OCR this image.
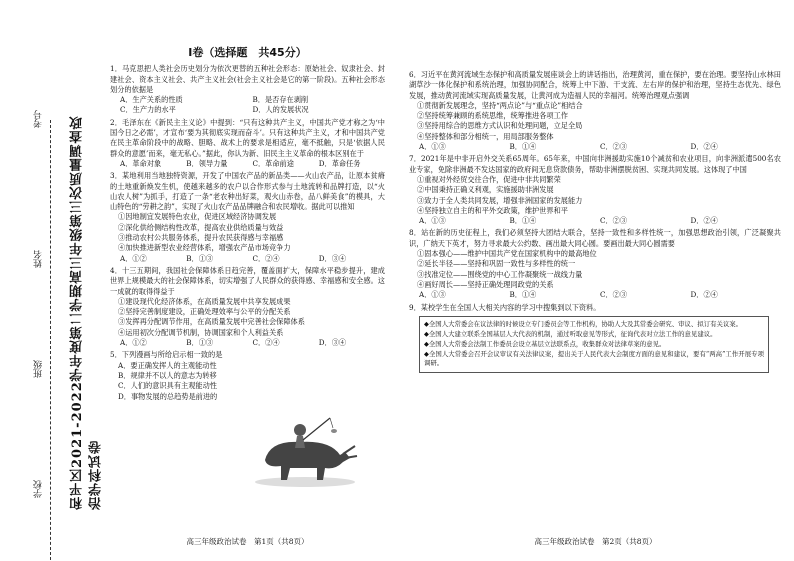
和平区2021-2022学年度第二学期高三年级第三次质量调查政治学科试卷
学校
班级
姓名
考号
Ⅰ卷（选择题　共45分）
1．马克思把人类社会历史划分为依次更替的五种社会形态：原始社会、奴隶社会、封建社会、资本主义社会、共产主义社会(社会主义社会是它的第一阶段)。五种社会形态划分的依据是
A．生产关系的性质	B．是否存在剥削
C．生产力的水平	D．人的发展状况
2．毛泽东在《新民主主义论》中提到：“只有这种共产主义，中国共产党才称之为‘中国今日之必需’，才宣布‘要为其彻底实现而奋斗’。只有这种共产主义，才和中国共产党在民主革命阶段中的战略、胆略、战术上的要求是相适应，毫不抵触，只是‘依据人民群众的意愿’而来，毫无私心。”据此，你认为新、旧民主主义革命的根本区别在于
A．革命对象	B．领导力量	C．革命前途	D．革命任务
3．某地利用当地独特资源，开发了中国农产品的新品类——火山农产品，让原本贫瘠的土地重新焕发生机，使越来越多的农户以合作形式参与土地流转和品牌打造，以“火山农人树”为抓手，打造了一条“老农种出好菜，观火山赤卷，品八鲜美食”的模具，大山特色的“劳耕之韵”，实现了火山农产品品牌融合和农民增收。据此可以推知
①因地制宜发展特色农业，促进区域经济协调发展
②深化供给侧结构性改革，提高农业供给质量与效益
③推动农村公共服务体系，提升农民获得感与幸福感
④加快推进新型农业经营体系，增强农产品市场竞争力
A．①②	B．①③	C．②④	D．③④
4．十三五期间，我国社会保障体系日趋完善，覆盖面扩大，保障水平稳步提升，建成世界上规模最大的社会保障体系，切实增强了人民群众的获得感、幸福感和安全感。这一成就的取得得益于
①建设现代化经济体系，在高质量发展中共享发展成果
②坚持完善制度建设，正确处理效率与公平的分配关系
③发挥再分配调节作用，在高质量发展中完善社会保障体系
④运用初次分配调节机制，协调国家和个人利益关系
A．①②	B．①③	C．②④	D．③④
5．下列漫画与所给启示相一致的是
A．要正确发挥人的主观能动性
B．规律并不以人的意志为转移
C．人们的意识具有主观能动性
D．事物发展的总趋势是前进的
高三年级政治试卷　第1页（共8页）
6．习近平在黄河流域生态保护和高质量发展座谈会上的讲话指出，治理黄河，重在保护，要在治理。要坚持山水林田湖草沙一体化保护和系统治理，加强协同配合，统筹上中下游、干支流、左右岸的保护和治理，坚持生态优先、绿色发展，推动黄河流域实现高质量发展，让黄河成为造福人民的幸福河。统筹治理观点强调
①贯彻新发展理念，坚持“两点论”与“重点论”相结合
②坚持统筹兼顾的系统思维，统筹推进各项工作
③坚持用综合的思维方式认识和处理问题，立足全局
④坚持整体和部分相统一，用局部服务整体
A．①③	B．①④	C．②③	D．②④
7．2021年是中非开启外交关系65周年。65年来，中国向非洲援助实施10个减贫和农业项目，向非洲派遣500名农业专家，免除非洲最不发达国家的政府间无息贷款债务，帮助非洲摆脱贫困、实现共同发展。这体现了中国
①重视对外经贸交往合作，促进中非共同繁荣
②中国秉持正确义利观，实施援助非洲发展
③致力于全人类共同发展，增强非洲国家的发展能力
④坚持独立自主的和平外交政策，维护世界和平
A．①③	B．①④	C．②③	D．②④
8．站在新的历史征程上，我们必须坚持大团结大联合，坚持一致性和多样性统一，加强思想政治引领，广泛凝聚共识，广纳天下英才，努力寻求最大公约数、画出最大同心圆。要画出最大同心圆需要
①固本强心——维护中国共产党在国家机构中的最高地位
②延长半径——坚持和巩固一致性与多样性的统一
③找准定位——围绕党的中心工作凝聚统一战线力量
④画好周长——坚持正确处理同政党的关系
A．①③	B．①④	C．②③	D．②④
9．某校学生在全国人大相关内容的学习中搜集到以下资料。
◆全国人大常委会在议法律的时候设立专门委员会等工作机构，协助人大及其常委会研究、审议、拟订有关议案。
◆全国人大建立联系全国基层人大代表的机制，通过听取意见等形式，征询代表对立法工作的意见建议。
◆全国人大常委会法制工作委员会设立基层立法联系点，收集群众对法律草案的意见。
◆全国人大常委会召开会议审议有关法律议案，提出关于人民代表大会制度方面的意见和建议，要有“两高”工作开展专项调研。
高三年级政治试卷　第2页（共8页）
